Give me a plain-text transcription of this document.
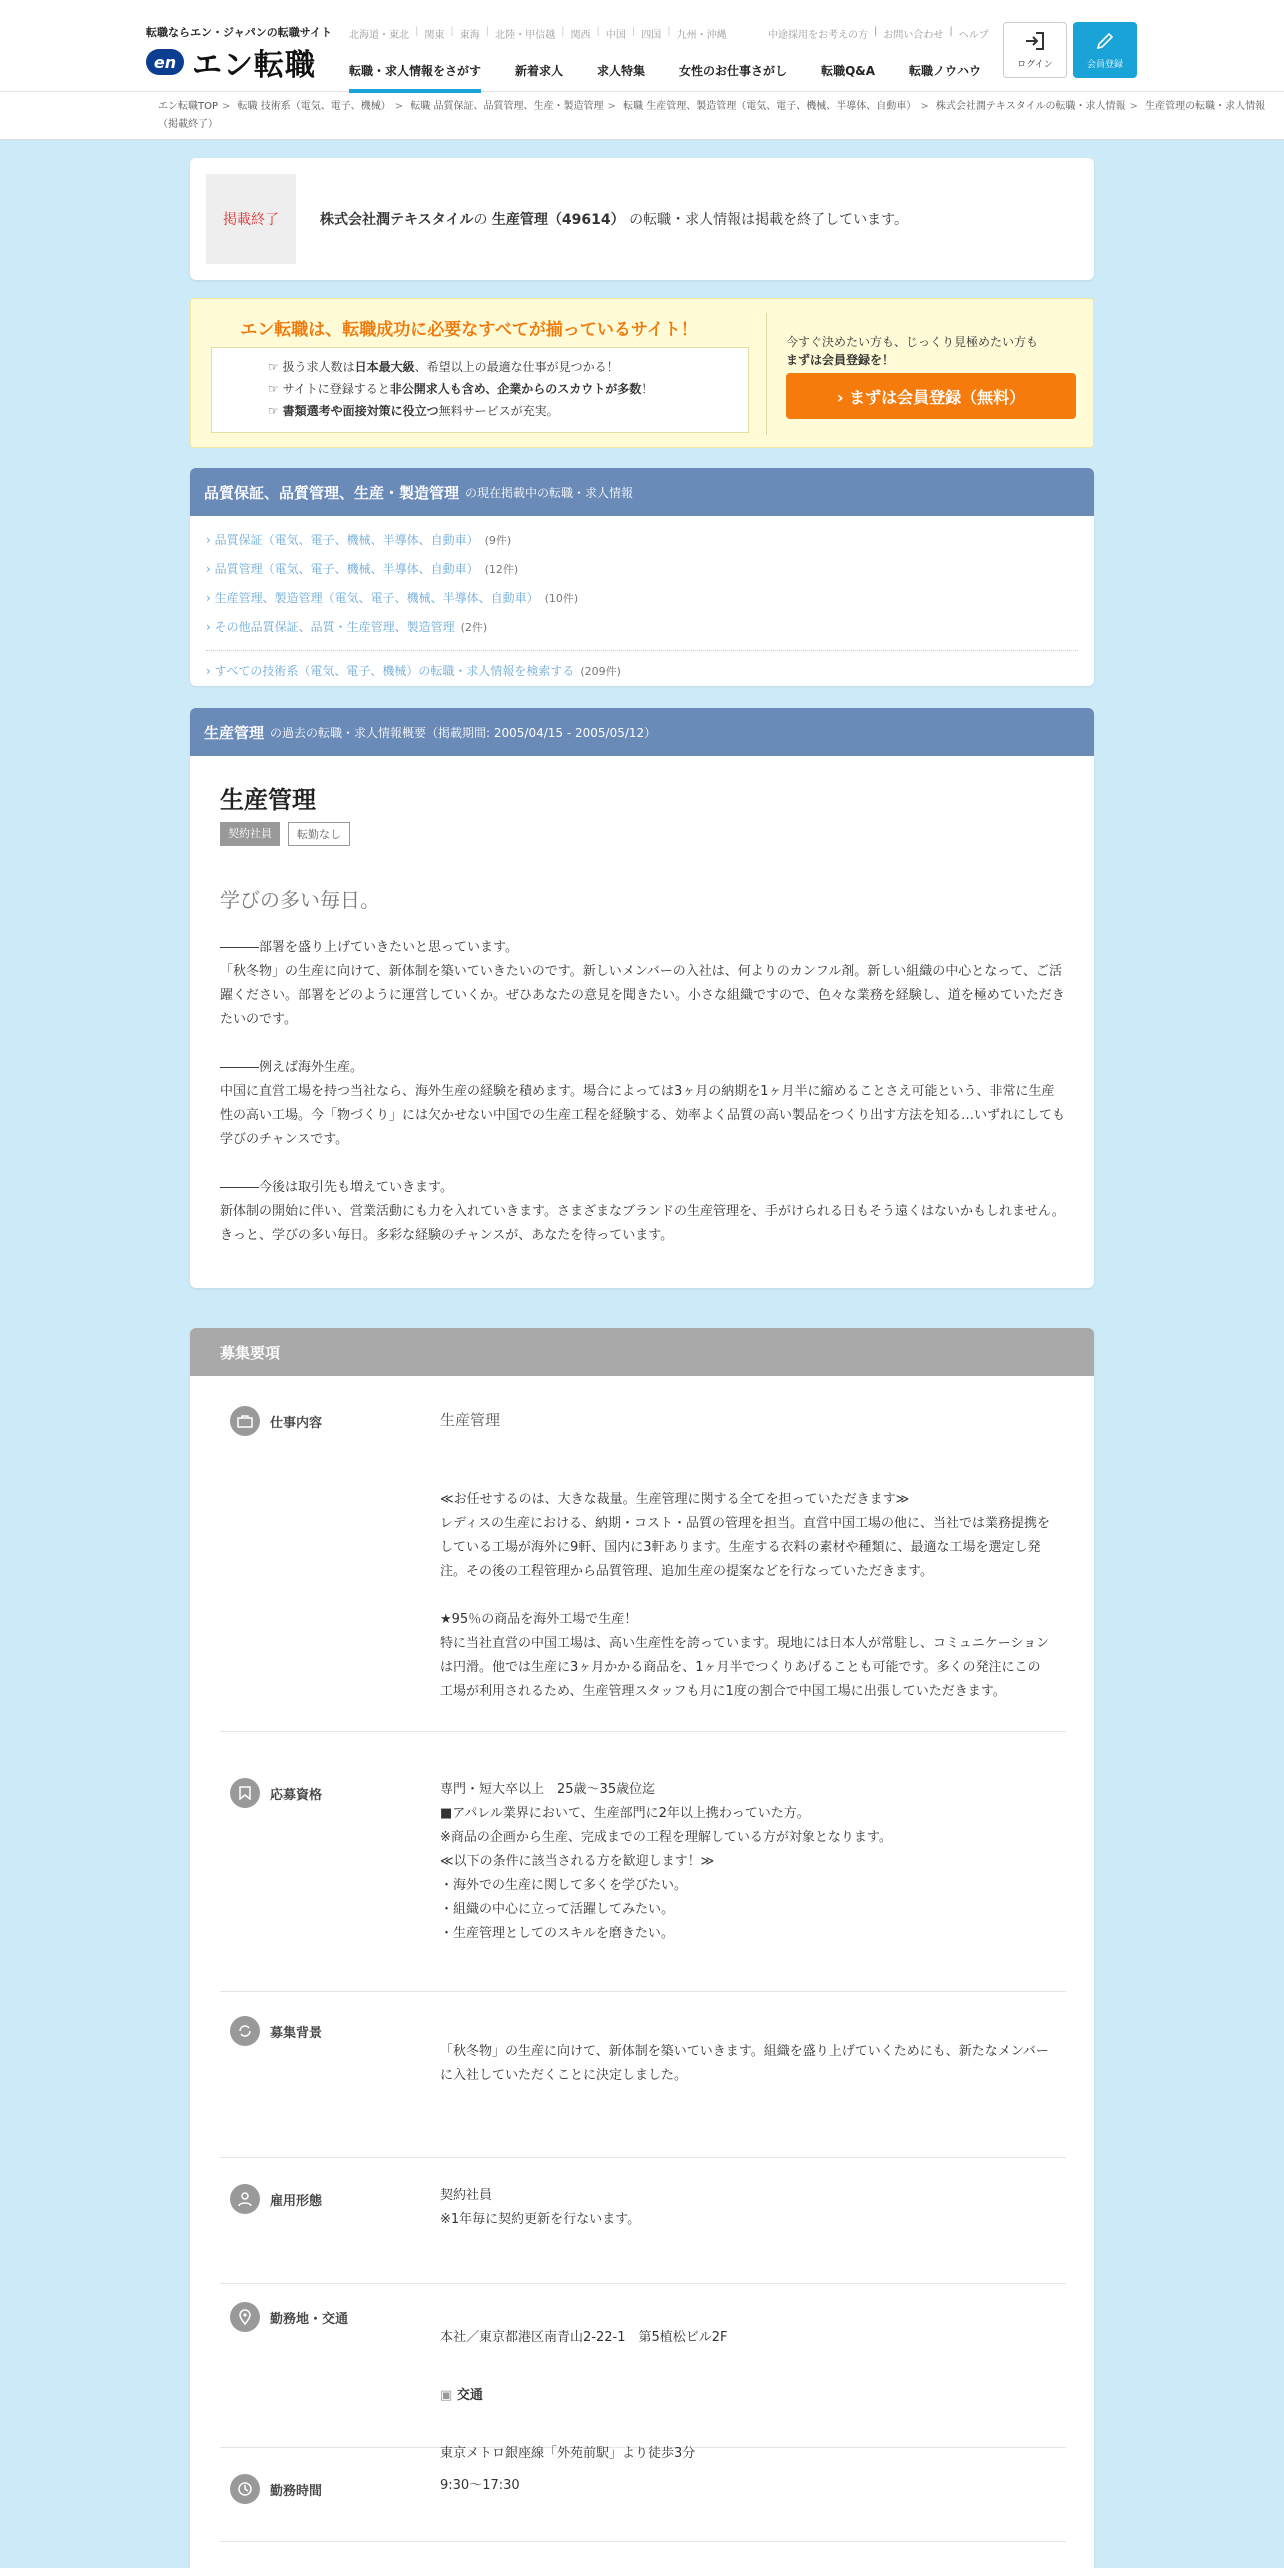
転職ならエン・ジャパンの転職サイト
en エン転職
北海道・東北 | 関東 | 東海 | 北陸・甲信越 | 関西 | 中国 | 四国 | 九州・沖縄	中途採用をお考えの方 | お問い合わせ | ヘルプ
転職・求人情報をさがす	新着求人	求人特集	女性のお仕事さがし	転職Q&A	転職ノウハウ	ログイン	会員登録
エン転職TOP > 転職 技術系（電気、電子、機械） > 転職 品質保証、品質管理、生産・製造管理 > 転職 生産管理、製造管理（電気、電子、機械、半導体、自動車） > 株式会社潤テキスタイルの転職・求人情報 > 生産管理の転職・求人情報（掲載終了）
掲載終了	株式会社潤テキスタイルの 生産管理（49614） の転職・求人情報は掲載を終了しています。
エン転職は、転職成功に必要なすべてが揃っているサイト！
☞ 扱う求人数は日本最大級、希望以上の最適な仕事が見つかる！
☞ サイトに登録すると非公開求人も含め、企業からのスカウトが多数！
☞ 書類選考や面接対策に役立つ無料サービスが充実。
今すぐ決めたい方も、じっくり見極めたい方も
まずは会員登録を！
› まずは会員登録（無料）
品質保証、品質管理、生産・製造管理 の現在掲載中の転職・求人情報
› 品質保証（電気、電子、機械、半導体、自動車） (9件)
› 品質管理（電気、電子、機械、半導体、自動車） (12件)
› 生産管理、製造管理（電気、電子、機械、半導体、自動車） (10件)
› その他品質保証、品質・生産管理、製造管理 (2件)
› すべての技術系（電気、電子、機械）の転職・求人情報を検索する (209件)
生産管理 の過去の転職・求人情報概要（掲載期間: 2005/04/15 - 2005/05/12）
生産管理
契約社員	転勤なし
学びの多い毎日。
―――部署を盛り上げていきたいと思っています。
「秋冬物」の生産に向けて、新体制を築いていきたいのです。新しいメンバーの入社は、何よりのカンフル剤。新しい組織の中心となって、ご活躍ください。部署をどのように運営していくか。ぜひあなたの意見を聞きたい。小さな組織ですので、色々な業務を経験し、道を極めていただきたいのです。

―――例えば海外生産。
中国に直営工場を持つ当社なら、海外生産の経験を積めます。場合によっては3ヶ月の納期を1ヶ月半に縮めることさえ可能という、非常に生産性の高い工場。今「物づくり」には欠かせない中国での生産工程を経験する、効率よく品質の高い製品をつくり出す方法を知る…いずれにしても学びのチャンスです。

―――今後は取引先も増えていきます。
新体制の開始に伴い、営業活動にも力を入れていきます。さまざまなブランドの生産管理を、手がけられる日もそう遠くはないかもしれません。きっと、学びの多い毎日。多彩な経験のチャンスが、あなたを待っています。
募集要項
仕事内容	生産管理
≪お任せするのは、大きな裁量。生産管理に関する全てを担っていただきます≫
レディスの生産における、納期・コスト・品質の管理を担当。直営中国工場の他に、当社では業務提携をしている工場が海外に9軒、国内に3軒あります。生産する衣料の素材や種類に、最適な工場を選定し発注。その後の工程管理から品質管理、追加生産の提案などを行なっていただきます。

★95％の商品を海外工場で生産！
特に当社直営の中国工場は、高い生産性を誇っています。現地には日本人が常駐し、コミュニケーションは円滑。他では生産に3ヶ月かかる商品を、1ヶ月半でつくりあげることも可能です。多くの発注にこの工場が利用されるため、生産管理スタッフも月に1度の割合で中国工場に出張していただきます。
応募資格	専門・短大卒以上　25歳～35歳位迄
■アパレル業界において、生産部門に2年以上携わっていた方。
※商品の企画から生産、完成までの工程を理解している方が対象となります。
≪以下の条件に該当される方を歓迎します！≫
・海外での生産に関して多くを学びたい。
・組織の中心に立って活躍してみたい。
・生産管理としてのスキルを磨きたい。
募集背景

「秋冬物」の生産に向けて、新体制を築いていきます。組織を盛り上げていくためにも、新たなメンバーに入社していただくことに決定しました。
雇用形態	契約社員
※1年毎に契約更新を行ないます。
勤務地・交通

本社／東京都港区南青山2-22-1　第5植松ビル2F

▣ 交通

東京メトロ銀座線「外苑前駅」より徒歩3分

勤務時間	9:30～17:30
